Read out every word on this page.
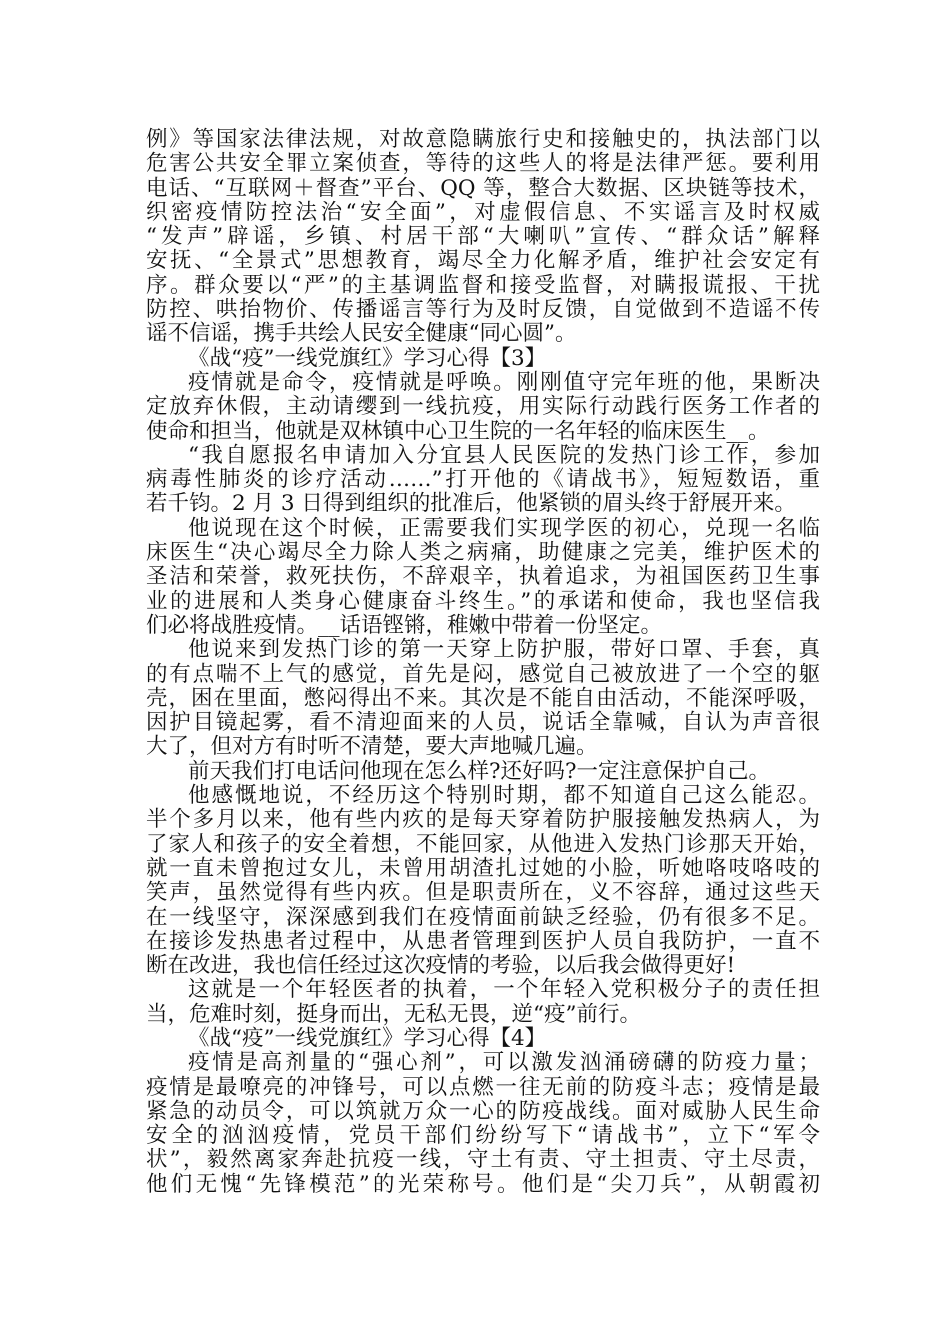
例》等国家法律法规，对故意隐瞒旅行史和接触史的，执法部门以
危害公共安全罪立案侦查，等待的这些人的将是法律严惩。要利用
电话、“互联网＋督查”平台、QQ 等，整合大数据、区块链等技术，
织密疫情防控法治“安全面”，对虚假信息、不实谣言及时权威
“发声”辟谣，乡镇、村居干部“大喇叭”宣传、“群众话”解释
安抚、“全景式”思想教育，竭尽全力化解矛盾，维护社会安定有
序。群众要以“严”的主基调监督和接受监督，对瞒报谎报、干扰
防控、哄抬物价、传播谣言等行为及时反馈，自觉做到不造谣不传
谣不信谣，携手共绘人民安全健康“同心圆”。
《战“疫”一线党旗红》学习心得【3】
疫情就是命令，疫情就是呼唤。刚刚值守完年班的他，果断决
定放弃休假，主动请缨到一线抗疫，用实际行动践行医务工作者的
使命和担当，他就是双林镇中心卫生院的一名年轻的临床医生__。
“我自愿报名申请加入分宜县人民医院的发热门诊工作，参加
病毒性肺炎的诊疗活动……”打开他的《请战书》，短短数语，重
若千钧。2 月 3 日得到组织的批准后，他紧锁的眉头终于舒展开来。
他说现在这个时候，正需要我们实现学医的初心，兑现一名临
床医生“决心竭尽全力除人类之病痛，助健康之完美，维护医术的
圣洁和荣誉，救死扶伤，不辞艰辛，执着追求，为祖国医药卫生事
业的进展和人类身心健康奋斗终生。”的承诺和使命，我也坚信我
们必将战胜疫情。__话语铿锵，稚嫩中带着一份坚定。
他说来到发热门诊的第一天穿上防护服，带好口罩、手套，真
的有点喘不上气的感觉，首先是闷，感觉自己被放进了一个空的躯
壳，困在里面，憋闷得出不来。其次是不能自由活动，不能深呼吸，
因护目镜起雾，看不清迎面来的人员，说话全靠喊，自认为声音很
大了，但对方有时听不清楚，要大声地喊几遍。
前天我们打电话问他现在怎么样?还好吗?一定注意保护自己。
他感慨地说，不经历这个特别时期，都不知道自己这么能忍。
半个多月以来，他有些内疚的是每天穿着防护服接触发热病人，为
了家人和孩子的安全着想，不能回家，从他进入发热门诊那天开始，
就一直未曾抱过女儿，未曾用胡渣扎过她的小脸，听她咯吱咯吱的
笑声，虽然觉得有些内疚。但是职责所在，义不容辞，通过这些天
在一线坚守，深深感到我们在疫情面前缺乏经验，仍有很多不足。
在接诊发热患者过程中，从患者管理到医护人员自我防护，一直不
断在改进，我也信任经过这次疫情的考验，以后我会做得更好!
这就是一个年轻医者的执着，一个年轻入党积极分子的责任担
当，危难时刻，挺身而出，无私无畏，逆“疫”前行。
《战“疫”一线党旗红》学习心得【4】
疫情是高剂量的“强心剂”，可以激发汹涌磅礴的防疫力量；
疫情是最嘹亮的冲锋号，可以点燃一往无前的防疫斗志；疫情是最
紧急的动员令，可以筑就万众一心的防疫战线。面对威胁人民生命
安全的汹汹疫情，党员干部们纷纷写下“请战书”，立下“军令
状”，毅然离家奔赴抗疫一线，守土有责、守土担责、守土尽责，
他们无愧“先锋模范”的光荣称号。他们是“尖刀兵”，从朝霞初
